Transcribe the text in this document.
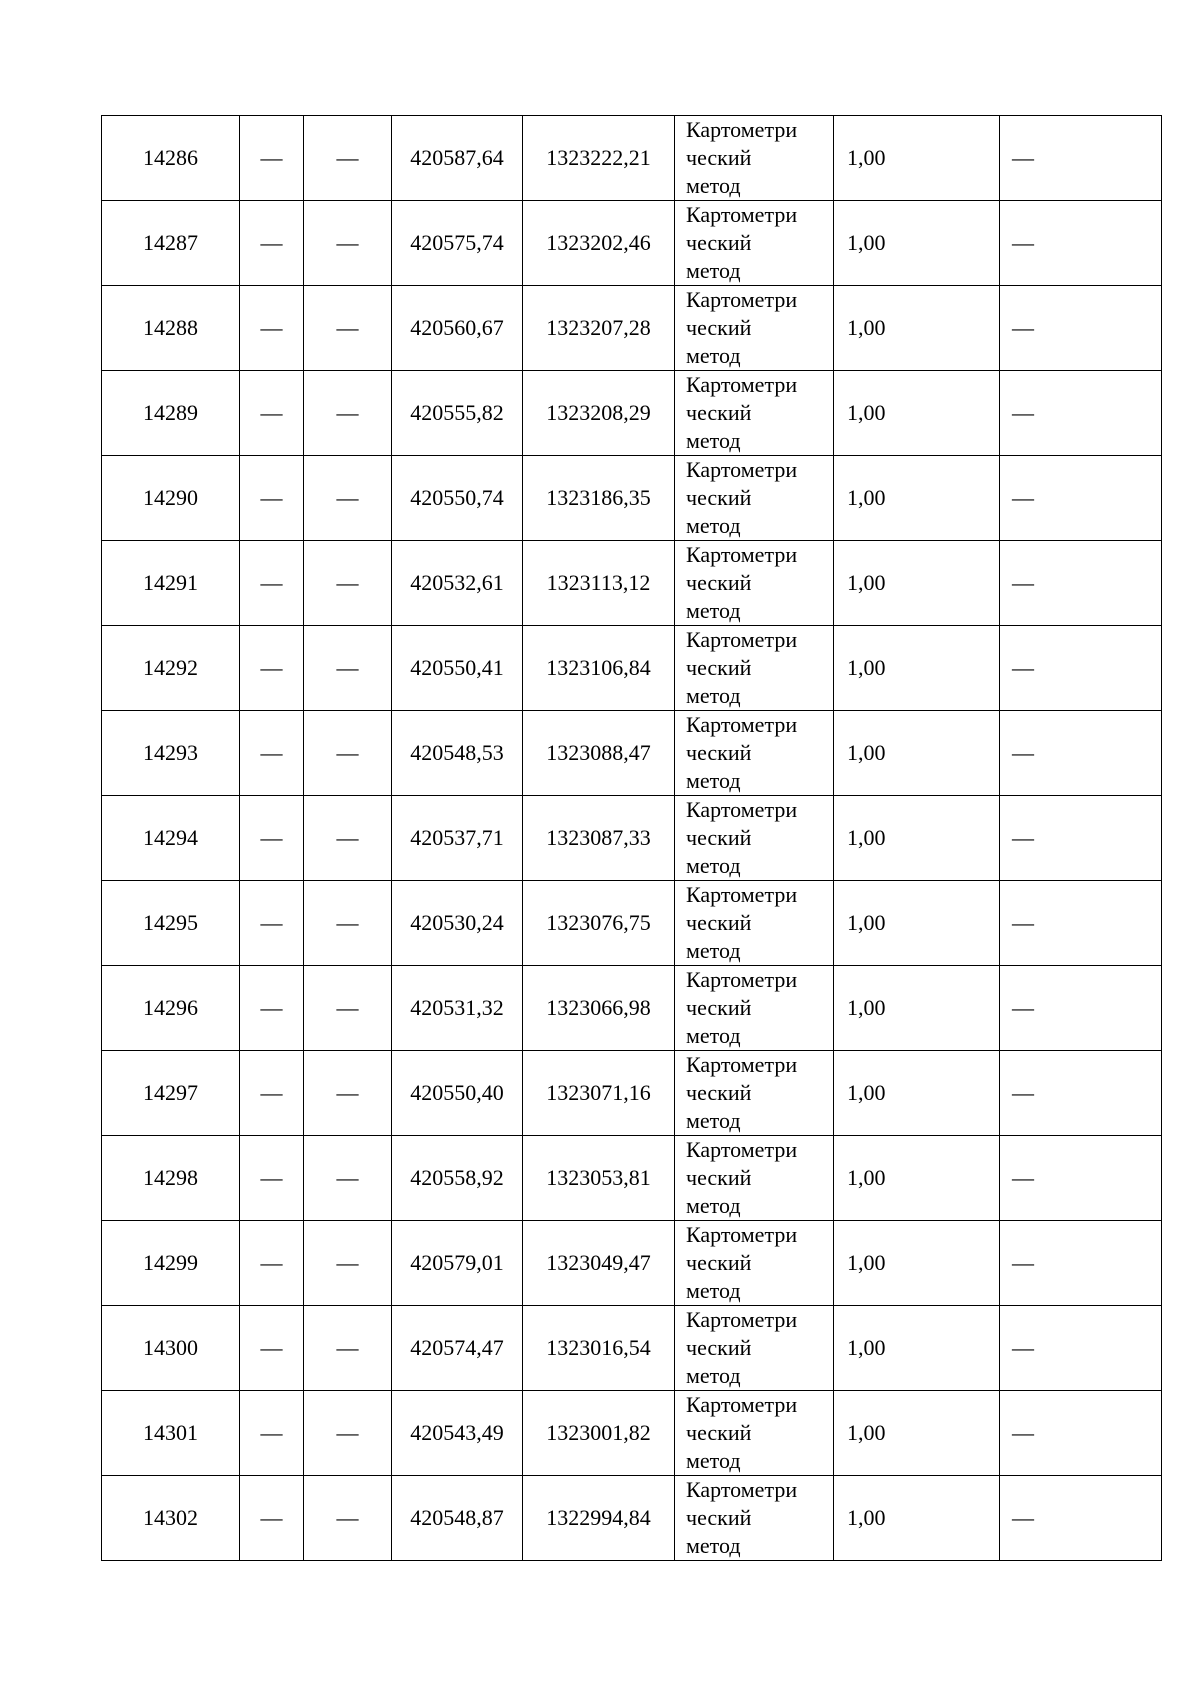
14286	—	—	420587,64	1323222,21	Картометри
ческий
метод	1,00	—
14287	—	—	420575,74	1323202,46	Картометри
ческий
метод	1,00	—
14288	—	—	420560,67	1323207,28	Картометри
ческий
метод	1,00	—
14289	—	—	420555,82	1323208,29	Картометри
ческий
метод	1,00	—
14290	—	—	420550,74	1323186,35	Картометри
ческий
метод	1,00	—
14291	—	—	420532,61	1323113,12	Картометри
ческий
метод	1,00	—
14292	—	—	420550,41	1323106,84	Картометри
ческий
метод	1,00	—
14293	—	—	420548,53	1323088,47	Картометри
ческий
метод	1,00	—
14294	—	—	420537,71	1323087,33	Картометри
ческий
метод	1,00	—
14295	—	—	420530,24	1323076,75	Картометри
ческий
метод	1,00	—
14296	—	—	420531,32	1323066,98	Картометри
ческий
метод	1,00	—
14297	—	—	420550,40	1323071,16	Картометри
ческий
метод	1,00	—
14298	—	—	420558,92	1323053,81	Картометри
ческий
метод	1,00	—
14299	—	—	420579,01	1323049,47	Картометри
ческий
метод	1,00	—
14300	—	—	420574,47	1323016,54	Картометри
ческий
метод	1,00	—
14301	—	—	420543,49	1323001,82	Картометри
ческий
метод	1,00	—
14302	—	—	420548,87	1322994,84	Картометри
ческий
метод	1,00	—
